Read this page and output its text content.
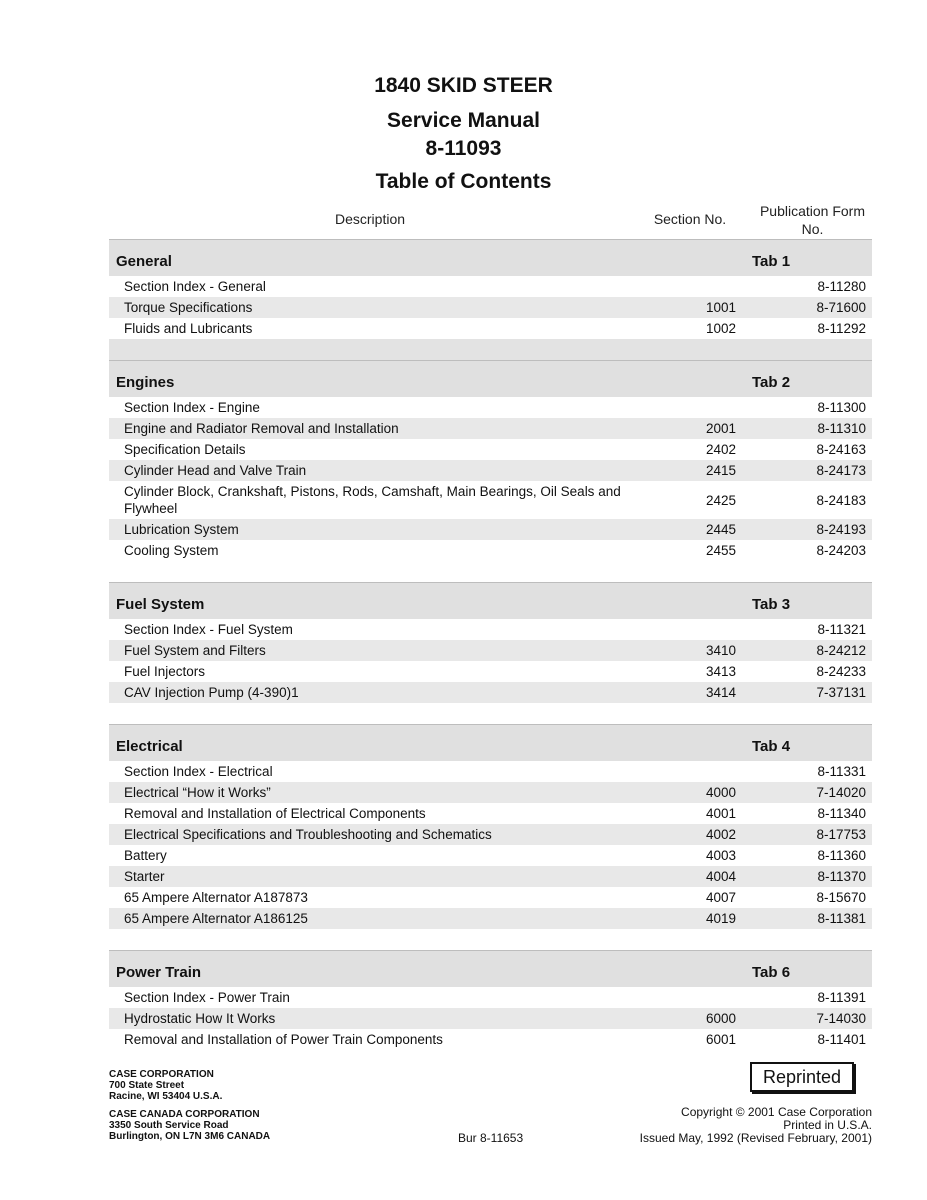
1840 SKID STEER
Service Manual
8-11093
Table of Contents
Description	Section No.	Publication Form
No.
General	Tab 1
Section Index - General	8-11280
Torque Specifications	1001	8-71600
Fluids and Lubricants	1002	8-11292
Engines	Tab 2
Section Index - Engine	8-11300
Engine and Radiator Removal and Installation	2001	8-11310
Specification Details	2402	8-24163
Cylinder Head and Valve Train	2415	8-24173
Cylinder Block, Crankshaft, Pistons, Rods, Camshaft, Main Bearings, Oil Seals and Flywheel
2425	8-24183
Lubrication System	2445	8-24193
Cooling System	2455	8-24203
Fuel System	Tab 3
Section Index - Fuel System	8-11321
Fuel System and Filters	3410	8-24212
Fuel Injectors	3413	8-24233
CAV Injection Pump (4-390)1	3414	7-37131
Electrical	Tab 4
Section Index - Electrical	8-11331
Electrical “How it Works”	4000	7-14020
Removal and Installation of Electrical Components	4001	8-11340
Electrical Specifications and Troubleshooting and Schematics	4002	8-17753
Battery	4003	8-11360
Starter	4004	8-11370
65 Ampere Alternator A187873	4007	8-15670
65 Ampere Alternator A186125	4019	8-11381
Power Train	Tab 6
Section Index - Power Train	8-11391
Hydrostatic How It Works	6000	7-14030
Removal and Installation of Power Train Components	6001	8-11401
CASE CORPORATION
700 State Street
Racine, WI 53404 U.S.A.
CASE CANADA CORPORATION
3350 South Service Road
Burlington, ON L7N 3M6 CANADA	Bur 8-11653
Reprinted
Copyright © 2001 Case Corporation
Printed in U.S.A.
Issued May, 1992 (Revised February, 2001)
